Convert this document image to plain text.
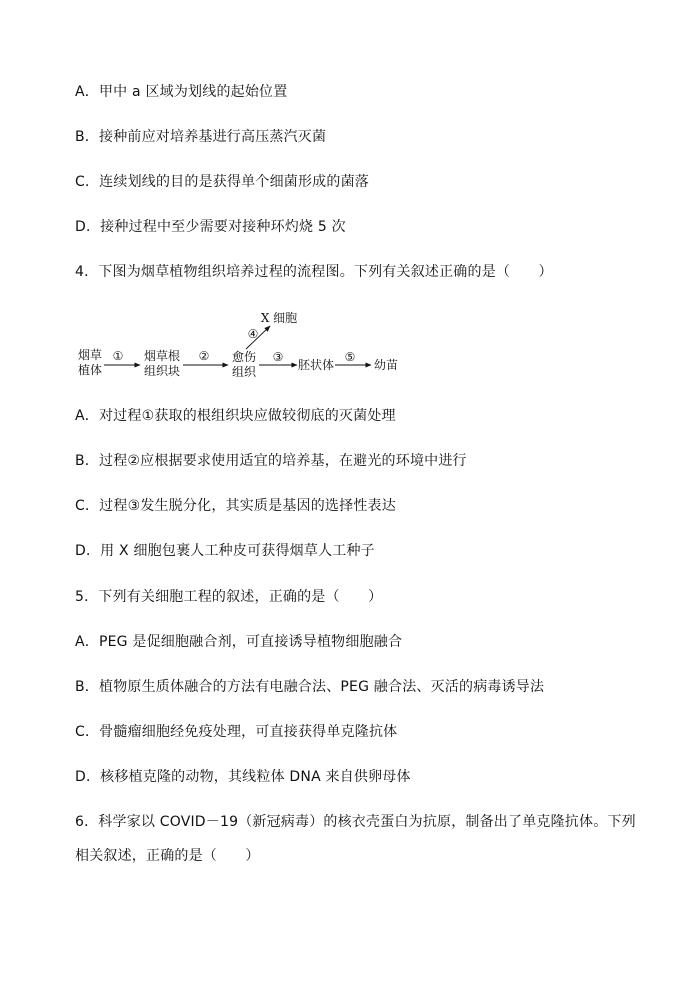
A．甲中 a 区域为划线的起始位置
B．接种前应对培养基进行高压蒸汽灭菌
C．连续划线的目的是获得单个细菌形成的菌落
D．接种过程中至少需要对接种环灼烧 5 次
4．下图为烟草植物组织培养过程的流程图。下列有关叙述正确的是（　　）
X 细胞
④
烟草
植体
① 烟草根
组织块
② 愈伤
组织
③
胚状体
⑤
幼苗
A．对过程①获取的根组织块应做较彻底的灭菌处理
B．过程②应根据要求使用适宜的培养基，在避光的环境中进行
C．过程③发生脱分化，其实质是基因的选择性表达
D．用 X 细胞包裹人工种皮可获得烟草人工种子
5．下列有关细胞工程的叙述，正确的是（　　）
A．PEG 是促细胞融合剂，可直接诱导植物细胞融合
B．植物原生质体融合的方法有电融合法、PEG 融合法、灭活的病毒诱导法
C．骨髓瘤细胞经免疫处理，可直接获得单克隆抗体
D．核移植克隆的动物，其线粒体 DNA 来自供卵母体
6．科学家以 COVID－19（新冠病毒）的核衣壳蛋白为抗原，制备出了单克隆抗体。下列
相关叙述，正确的是（　　）
